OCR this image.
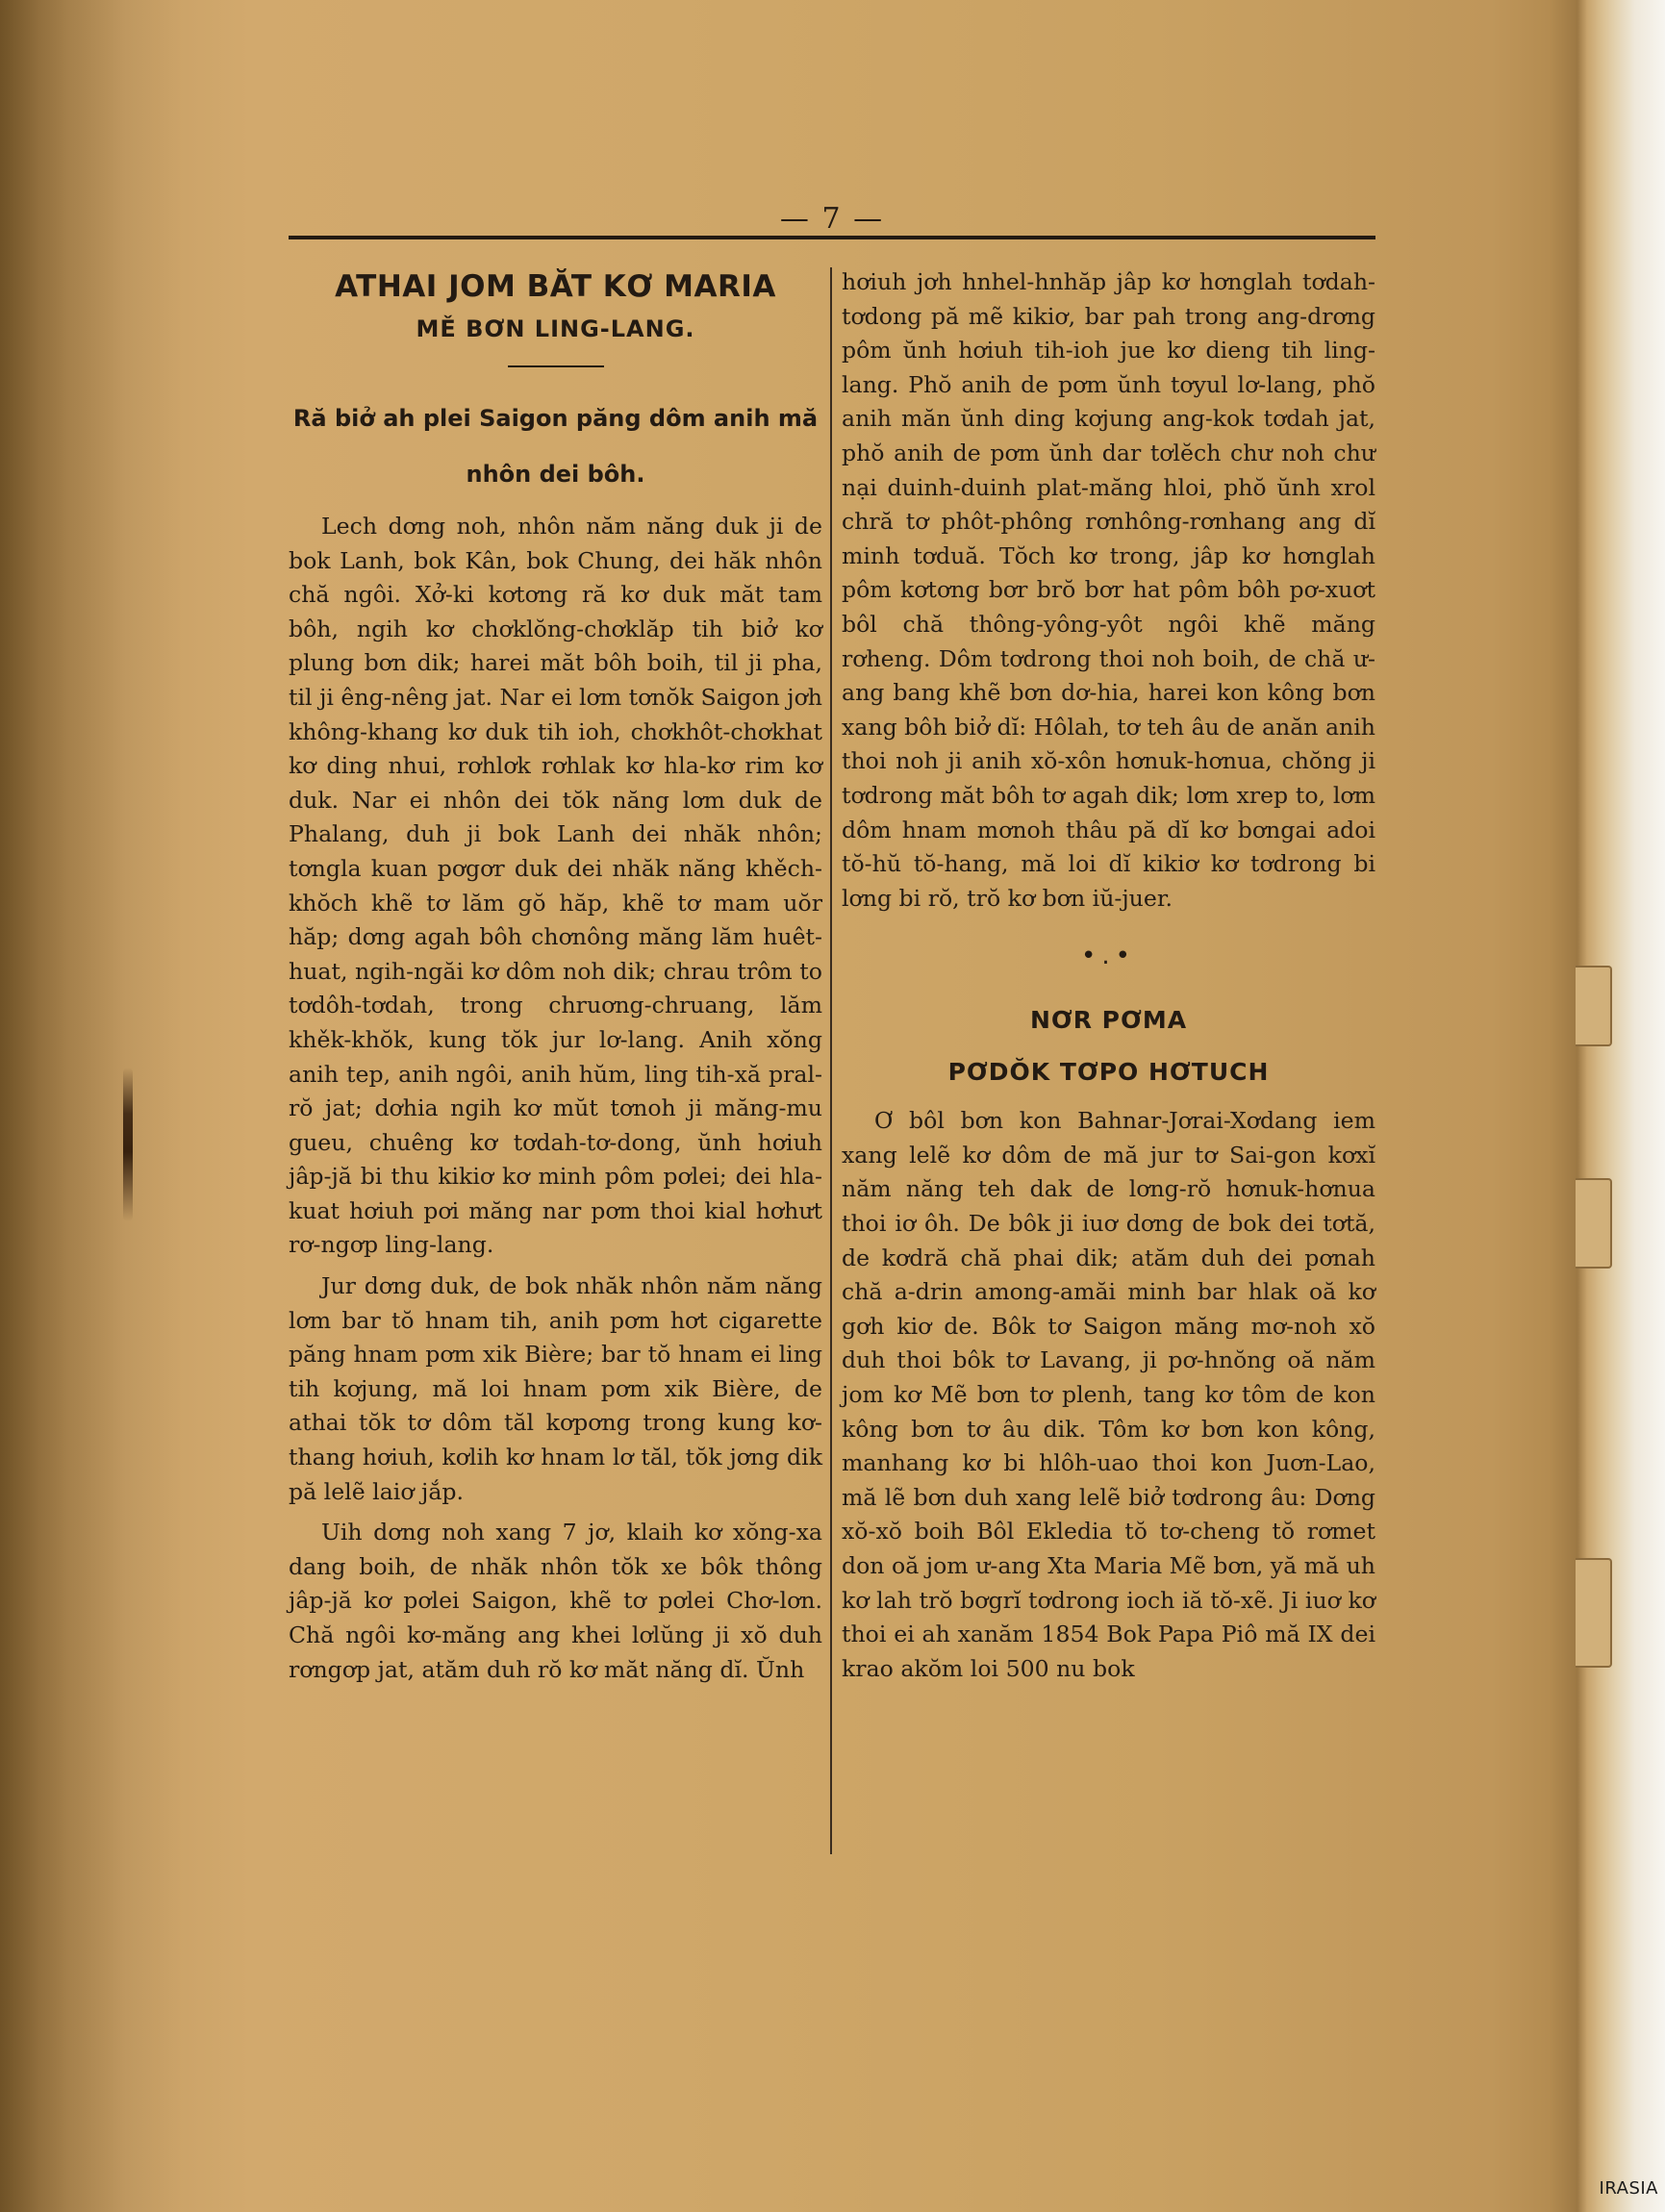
— 7 —
ATHAI JOM BĂT KƠ MARIA
MĚ BƠN LING-LANG.
Ră biở ah plei Saigon păng dôm anih mă nhôn dei bôh.

Lech dơng noh, nhôn năm năng duk ji de bok Lanh, bok Kân, bok Chung, dei hăk nhôn chă ngôi. Xở-ki kơtơng ră kơ duk măt tam bôh, ngih kơ chơklŏng-chơklăp tih biở kơ plung bơn dik; harei măt bôh boih, til ji pha, til ji êng-nêng jat. Nar ei lơm tơnŏk Saigon jơh không-khang kơ duk tih ioh, chơkhôt-chơkhat kơ ding nhui, rơhlơk rơhlak kơ hla-kơ rim kơ duk. Nar ei nhôn dei tŏk năng lơm duk de Phalang, duh ji bok Lanh dei nhăk nhôn; tơngla kuan pơgơr duk dei nhăk năng khěch-khŏch khẽ tơ lăm gŏ hăp, khẽ tơ mam uŏr hăp; dơng agah bôh chơnông măng lăm huêt-huat, ngih-ngăi kơ dôm noh dik; chrau trôm to tơdôh-tơdah, trong chruơng-chruang, lăm khěk-khŏk, kung tŏk jur lơ-lang. Anih xŏng anih tep, anih ngôi, anih hŭm, ling tih-xă pral-rŏ jat; dơhia ngih kơ mŭt tơnoh ji măng-mu gueu, chuêng kơ tơdah-tơ-dong, ŭnh hơiuh jâp-jă bi thu kikiơ kơ minh pôm pơlei; dei hla-kuat hơiuh pơi măng nar pơm thoi kial hơhưt rơ-ngơp ling-lang.

Jur dơng duk, de bok nhăk nhôn năm năng lơm bar tŏ hnam tih, anih pơm hơt cigarette păng hnam pơm xik Bière; bar tŏ hnam ei ling tih kơjung, mă loi hnam pơm xik Bière, de athai tŏk tơ dôm tăl kơpơng trong kung kơ-thang hơiuh, kơlih kơ hnam lơ tăl, tŏk jơng dik pă lelẽ laiơ jắp.

Uih dơng noh xang 7 jơ, klaih kơ xŏng-xa dang boih, de nhăk nhôn tŏk xe bôk thông jâp-jă kơ pơlei Saigon, khẽ tơ pơlei Chơ-lơn. Chă ngôi kơ-măng ang khei lơlŭng ji xŏ duh rơngơp jat, atăm duh rŏ kơ măt năng dĭ. Ŭnh

hơiuh jơh hnhel-hnhăp jâp kơ hơnglah tơdah-tơdong pă mẽ kikiơ, bar pah trong ang-drơng pôm ŭnh hơiuh tih-ioh jue kơ dieng tih ling-lang. Phŏ anih de pơm ŭnh tơyul lơ-lang, phŏ anih măn ŭnh ding kơjung ang-kok tơdah jat, phŏ anih de pơm ŭnh dar tơlĕch chư noh chư nại duinh-duinh plat-măng hloi, phŏ ŭnh xrol chră tơ phôt-phông rơnhông-rơnhang ang dĭ minh tơduă. Tŏch kơ trong, jâp kơ hơnglah pôm kơtơng bơr brŏ bơr hat pôm bôh pơ-xuơt bôl chă thông-yông-yôt ngôi khẽ măng rơheng. Dôm tơdrong thoi noh boih, de chă ư-ang bang khẽ bơn dơ-hia, harei kon kông bơn xang bôh biở dĭ: Hôlah, tơ teh âu de anăn anih thoi noh ji anih xŏ-xôn hơnuk-hơnua, chŏng ji tơdrong măt bôh tơ agah dik; lơm xrep to, lơm dôm hnam mơnoh thâu pă dĭ kơ bơngai adoi tŏ-hŭ tŏ-hang, mă loi dĭ kikiơ kơ tơdrong bi lơng bi rŏ, trŏ kơ bơn iŭ-juer.

•.•
NƠR PƠMA
PƠDŎK TƠPO HƠTUCH

Ơ bôl bơn kon Bahnar-Jơrai-Xơdang iem xang lelẽ kơ dôm de mă jur tơ Sai-gon kơxĭ năm năng teh dak de lơng-rŏ hơnuk-hơnua thoi iơ ôh. De bôk ji iuơ dơng de bok dei tơtă, de kơdră chă phai dik; atăm duh dei pơnah chă a-drin among-amăi minh bar hlak oă kơ gơh kiơ de. Bôk tơ Saigon măng mơ-noh xŏ duh thoi bôk tơ Lavang, ji pơ-hnŏng oă năm jom kơ Mẽ bơn tơ plenh, tang kơ tôm de kon kông bơn tơ âu dik. Tôm kơ bơn kon kông, manhang kơ bi hlôh-uao thoi kon Juơn-Lao, mă lẽ bơn duh xang lelẽ biở tơdrong âu: Dơng xŏ-xŏ boih Bôl Ekledia tŏ tơ-cheng tŏ rơmet don oă jom ư-ang Xta Maria Mẽ bơn, yă mă uh kơ lah trŏ bơgrĭ tơdrong ioch iă tŏ-xẽ. Ji iuơ kơ thoi ei ah xanăm 1854 Bok Papa Piô mă IX dei krao akŏm loi 500 nu bok

IRASIA
